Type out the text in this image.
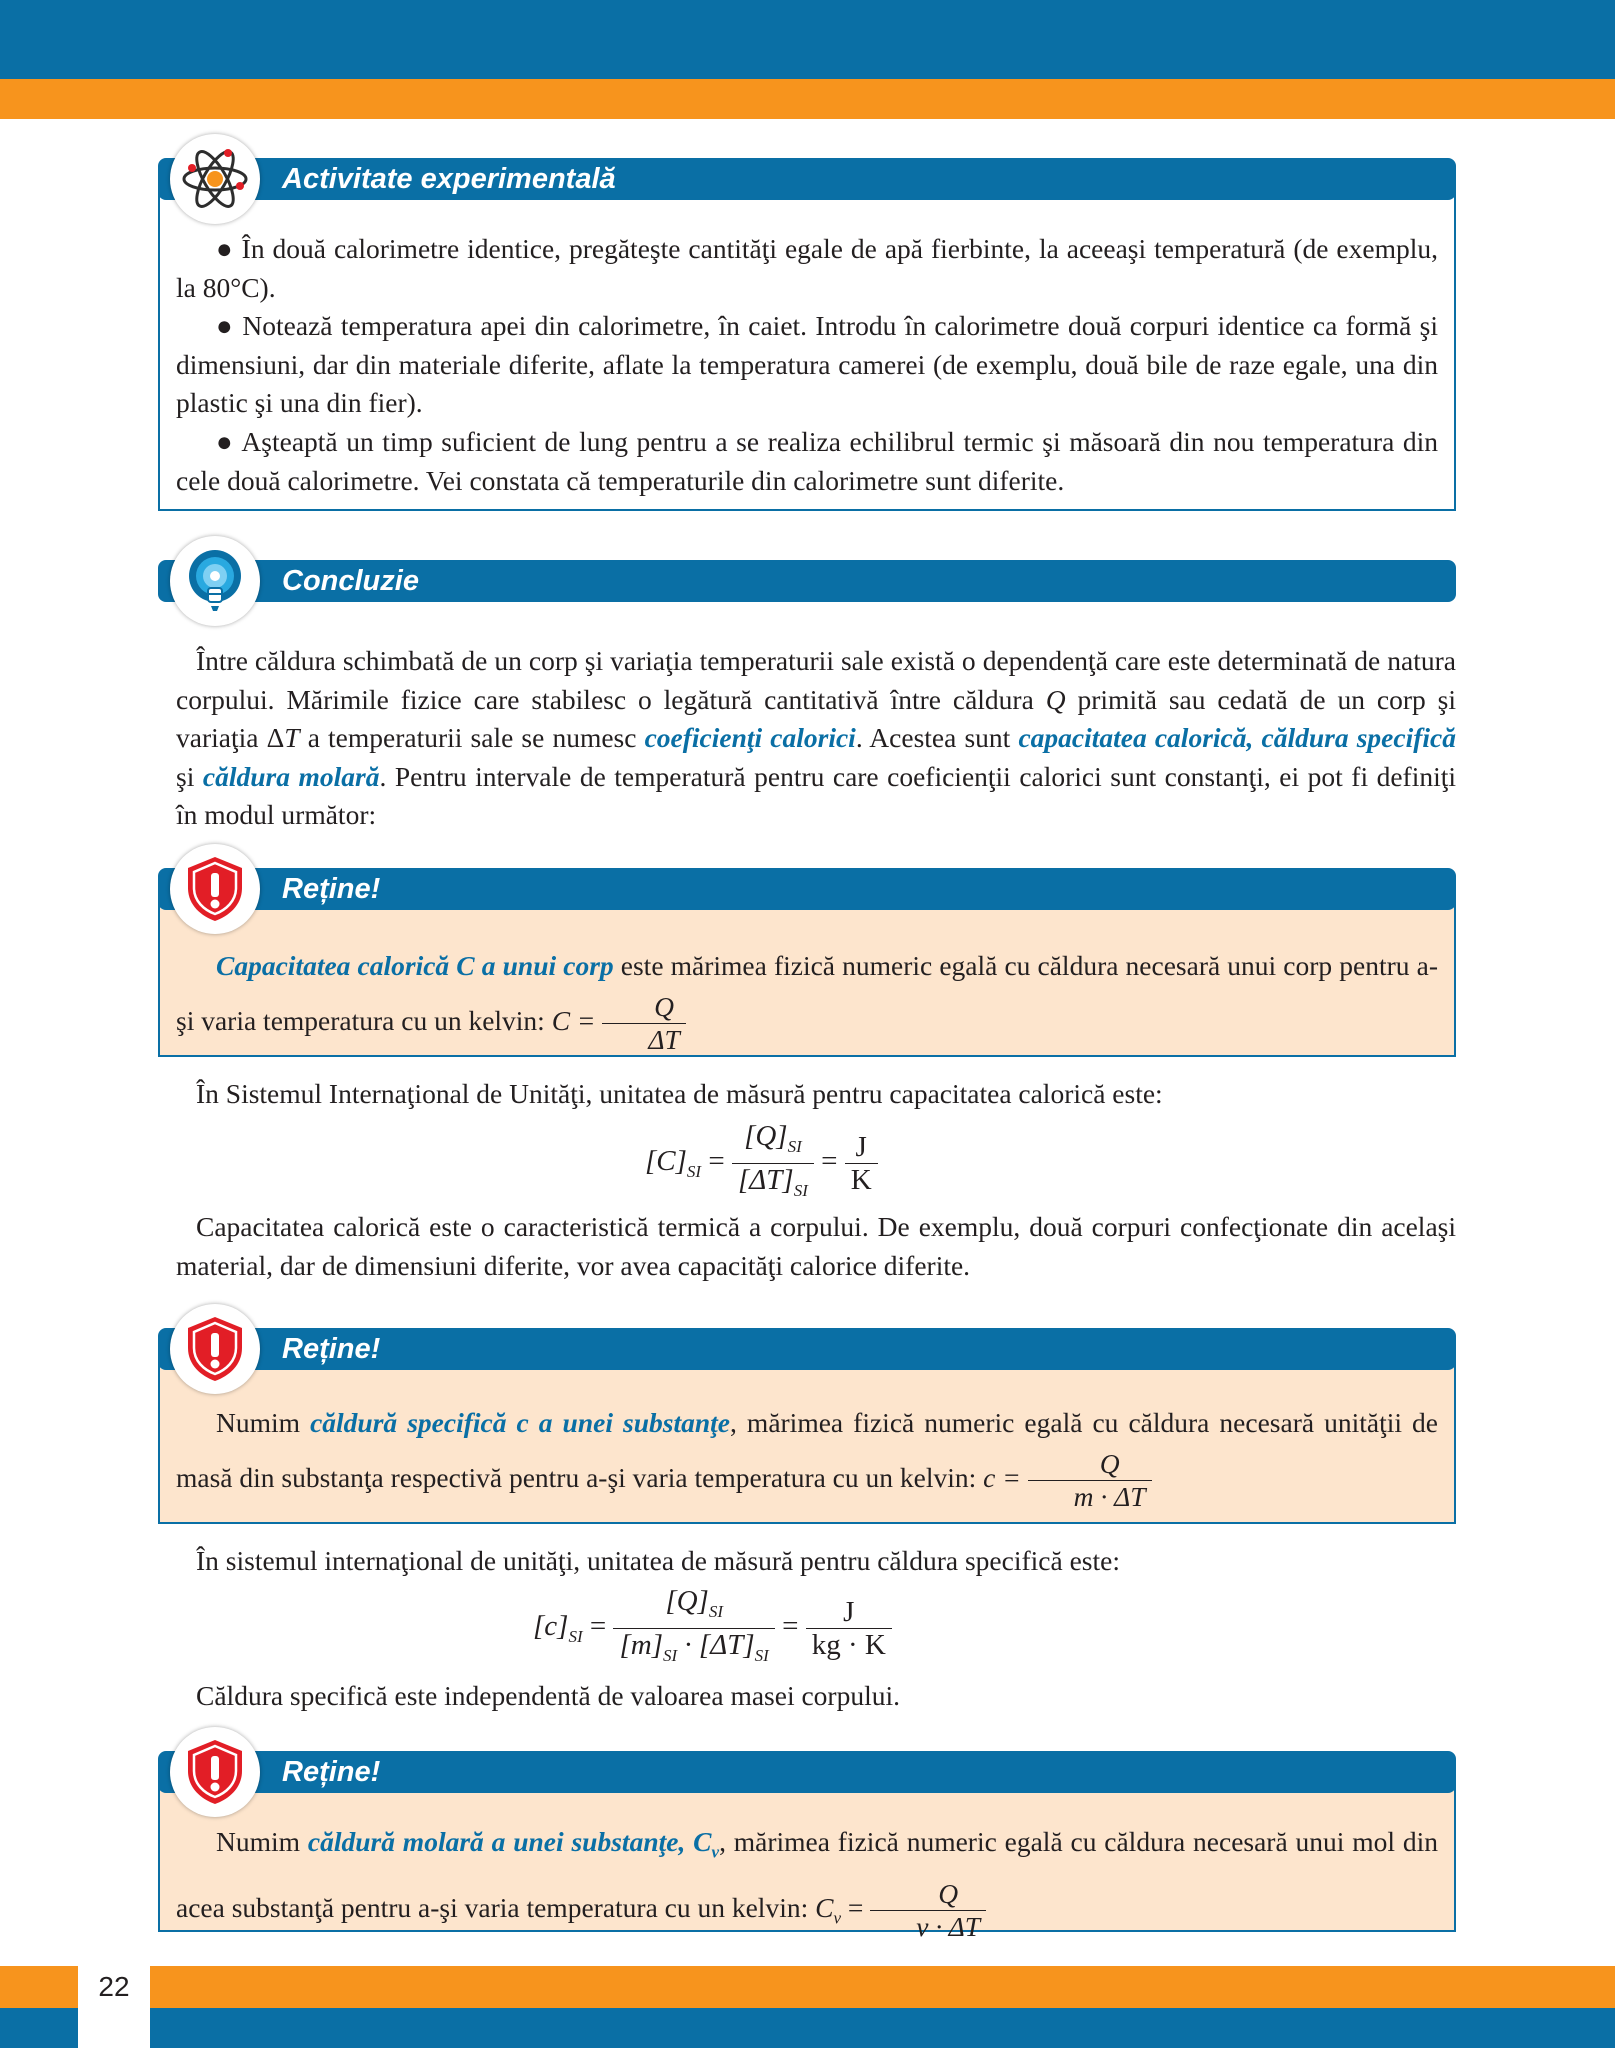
Activitate experimentală
● În două calorimetre identice, pregăteşte cantităţi egale de apă fierbinte, la aceeaşi temperatură (de exemplu, la 80°C).
● Notează temperatura apei din calorimetre, în caiet. Introdu în calorimetre două corpuri identice ca formă şi dimensiuni, dar din materiale diferite, aflate la temperatura camerei (de exemplu, două bile de raze egale, una din plastic şi una din fier).
● Aşteaptă un timp suficient de lung pentru a se realiza echilibrul termic şi măsoară din nou temperatura din cele două calorimetre. Vei constata că temperaturile din calorimetre sunt diferite.
Concluzie
Între căldura schimbată de un corp şi variaţia temperaturii sale există o dependenţă care este determinată de natura corpului. Mărimile fizice care stabilesc o legătură cantitativă între căldura Q primită sau cedată de un corp şi variaţia ΔT a temperaturii sale se numesc coeficienţi calorici. Acestea sunt capacitatea calorică, căldura specifică şi căldura molară. Pentru intervale de temperatură pentru care coeficienţii calorici sunt constanţi, ei pot fi definiţi în modul următor:
Reține!
Capacitatea calorică C a unui corp este mărimea fizică numeric egală cu căldura necesară unui corp pentru a-şi varia temperatura cu un kelvin: $C = \frac{Q}{\Delta T}$
În Sistemul Internaţional de Unităţi, unitatea de măsură pentru capacitatea calorică este:
$[C]_{SI} = \frac{[Q]_{SI}}{[\Delta T]_{SI}} = \frac{J}{K}$
Capacitatea calorică este o caracteristică termică a corpului. De exemplu, două corpuri confecţionate din acelaşi material, dar de dimensiuni diferite, vor avea capacităţi calorice diferite.
Reține!
Numim căldură specifică c a unei substanţe, mărimea fizică numeric egală cu căldura necesară unităţii de masă din substanţa respectivă pentru a-şi varia temperatura cu un kelvin: $c = \frac{Q}{m \cdot \Delta T}$
În sistemul internaţional de unităţi, unitatea de măsură pentru căldura specifică este:
$[c]_{SI} = \frac{[Q]_{SI}}{[m]_{SI} \cdot [\Delta T]_{SI}} = \frac{J}{kg \cdot K}$
Căldura specifică este independentă de valoarea masei corpului.
Reține!
Numim căldură molară a unei substanţe, $C_\nu$, mărimea fizică numeric egală cu căldura necesară unui mol din acea substanţă pentru a-şi varia temperatura cu un kelvin: $C_\nu = \frac{Q}{\nu \cdot \Delta T}$
22
